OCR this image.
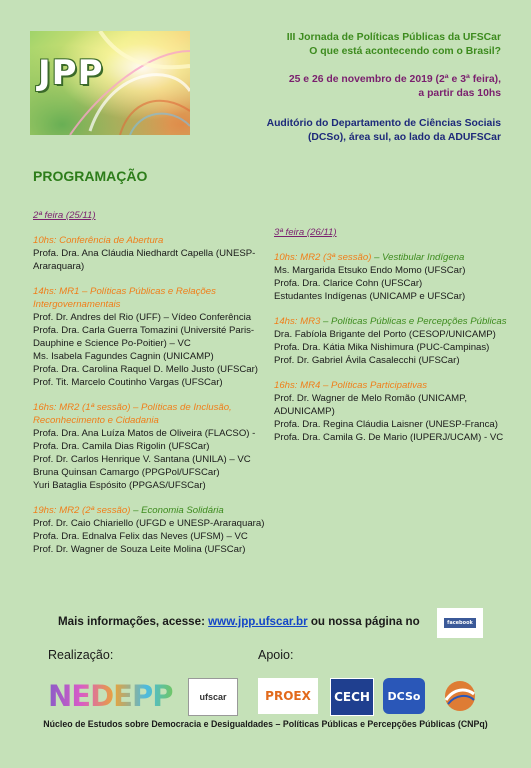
JPP
III Jornada de Políticas Públicas da UFSCar
O que está acontecendo com o Brasil?
25 e 26 de novembro de 2019 (2ª e 3ª feira),
a partir das 10hs
Auditório do Departamento de Ciências Sociais
(DCSo), área sul, ao lado da ADUFSCar
PROGRAMAÇÃO
2ª feira (25/11)
10hs: Conferência de Abertura
Profa. Dra. Ana Cláudia Niedhardt Capella (UNESP-Araraquara)
14hs: MR1 – Políticas Públicas e Relações Intergovernamentais
Prof. Dr. Andres del Rio (UFF) – Vídeo Conferência
Profa. Dra. Carla Guerra Tomazini (Université Paris-Dauphine e Science Po-Poitier) – VC
Ms. Isabela Fagundes Cagnin (UNICAMP)
Profa. Dra. Carolina Raquel D. Mello Justo (UFSCar)
Prof. Tit. Marcelo Coutinho Vargas (UFSCar)
16hs: MR2 (1ª sessão) – Políticas de Inclusão, Reconhecimento e Cidadania
Profa. Dra. Ana Luíza Matos de Oliveira (FLACSO) -
Profa. Dra. Camila Dias Rigolin (UFSCar)
Prof. Dr. Carlos Henrique V. Santana (UNILA) – VC
Bruna Quinsan Camargo (PPGPol/UFSCar)
Yuri Bataglia Espósito (PPGAS/UFSCar)
19hs: MR2 (2ª sessão) – Economia Solidária
Prof. Dr. Caio Chiariello (UFGD e UNESP-Araraquara)
Profa. Dra. Ednalva Felix das Neves (UFSM) – VC
Prof. Dr. Wagner de Souza Leite Molina (UFSCar)
3ª feira (26/11)
10hs: MR2 (3ª sessão) – Vestibular Indígena
Ms. Margarida Etsuko Endo Momo (UFSCar)
Profa. Dra. Clarice Cohn (UFSCar)
Estudantes Indígenas (UNICAMP e UFSCar)
14hs: MR3 – Políticas Públicas e Percepções Públicas
Dra. Fabíola Brigante del Porto (CESOP/UNICAMP)
Profa. Dra. Kátia Mika Nishimura (PUC-Campinas)
Prof. Dr. Gabriel Ávila Casalecchi (UFSCar)
16hs: MR4 – Políticas Participativas
Prof. Dr. Wagner de Melo Romão (UNICAMP, ADUNICAMP)
Profa. Dra. Regina Cláudia Laisner (UNESP-Franca)
Profa. Dra. Camila G. De Mario (IUPERJ/UCAM) - VC
Mais informações, acesse: www.jpp.ufscar.br ou nossa página no	facebook
Realização:	Apoio:
NEDEPP	ufscar	PROEX	CECH	DCSo
Núcleo de Estudos sobre Democracia e Desigualdades – Políticas Públicas e Percepções Públicas (CNPq)
